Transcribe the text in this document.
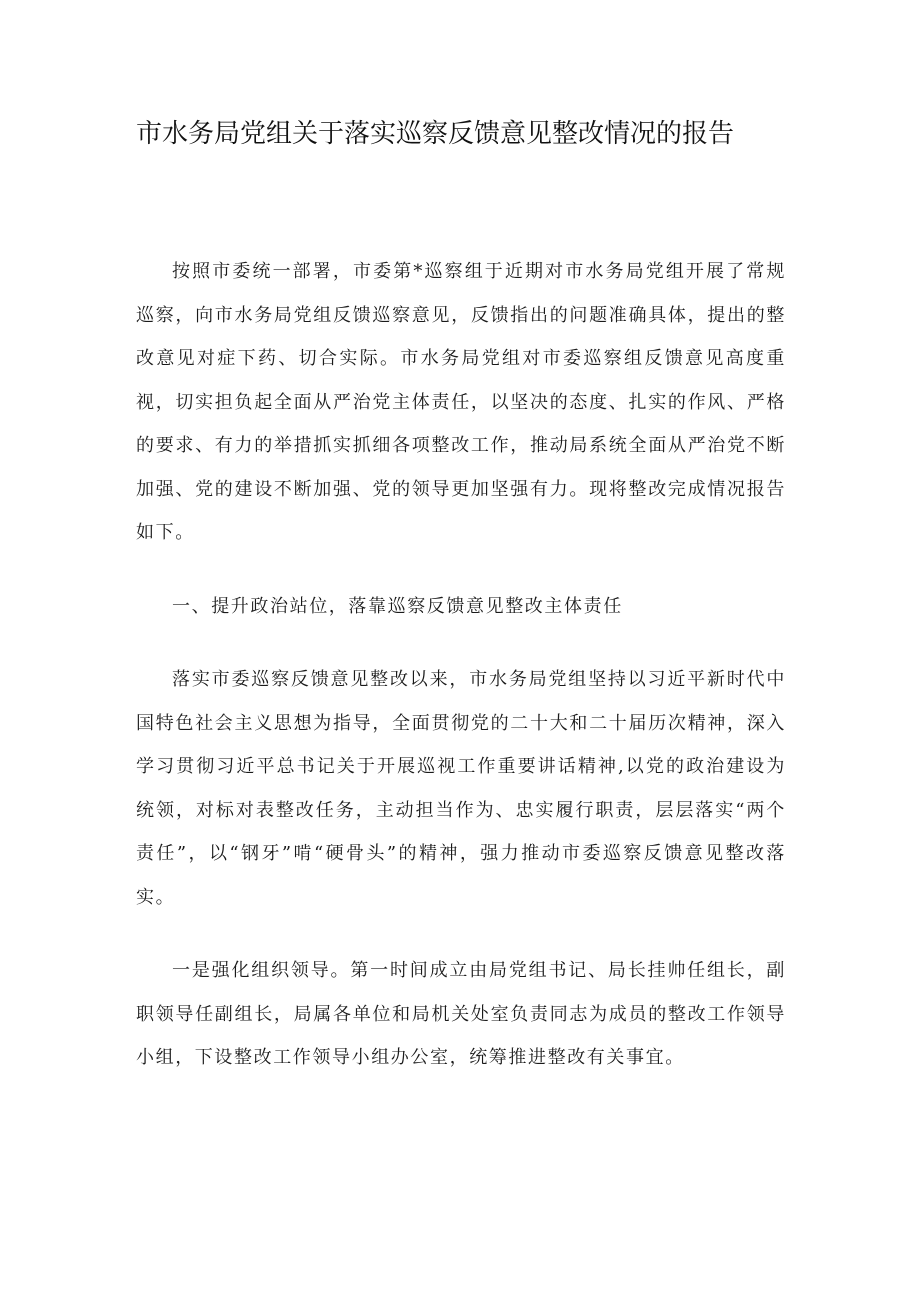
市水务局党组关于落实巡察反馈意见整改情况的报告

按照市委统一部署，市委第*巡察组于近期对市水务局党组开展了常规巡察，向市水务局党组反馈巡察意见，反馈指出的问题准确具体，提出的整改意见对症下药、切合实际。市水务局党组对市委巡察组反馈意见高度重视，切实担负起全面从严治党主体责任，以坚决的态度、扎实的作风、严格的要求、有力的举措抓实抓细各项整改工作，推动局系统全面从严治党不断加强、党的建设不断加强、党的领导更加坚强有力。现将整改完成情况报告如下。

一、提升政治站位，落靠巡察反馈意见整改主体责任

落实市委巡察反馈意见整改以来，市水务局党组坚持以习近平新时代中国特色社会主义思想为指导，全面贯彻党的二十大和二十届历次精神，深入学习贯彻习近平总书记关于开展巡视工作重要讲话精神,以党的政治建设为统领，对标对表整改任务，主动担当作为、忠实履行职责，层层落实“两个责任”，以“钢牙”啃“硬骨头”的精神，强力推动市委巡察反馈意见整改落实。

一是强化组织领导。第一时间成立由局党组书记、局长挂帅任组长，副职领导任副组长，局属各单位和局机关处室负责同志为成员的整改工作领导小组，下设整改工作领导小组办公室，统筹推进整改有关事宜。
